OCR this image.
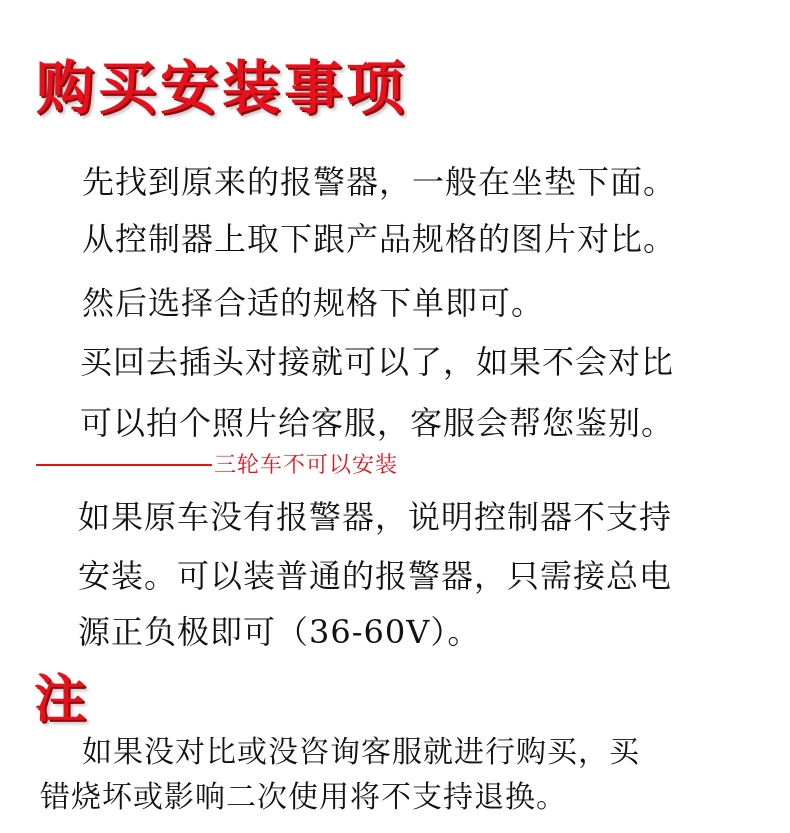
购买安装事项
先找到原来的报警器，一般在坐垫下面。
从控制器上取下跟产品规格的图片对比。
然后选择合适的规格下单即可。
买回去插头对接就可以了，如果不会对比
可以拍个照片给客服，客服会帮您鉴别。
三轮车不可以安装
如果原车没有报警器，说明控制器不支持
安装。可以装普通的报警器，只需接总电
源正负极即可（36-60V）。
注
如果没对比或没咨询客服就进行购买，买
错烧坏或影响二次使用将不支持退换。
